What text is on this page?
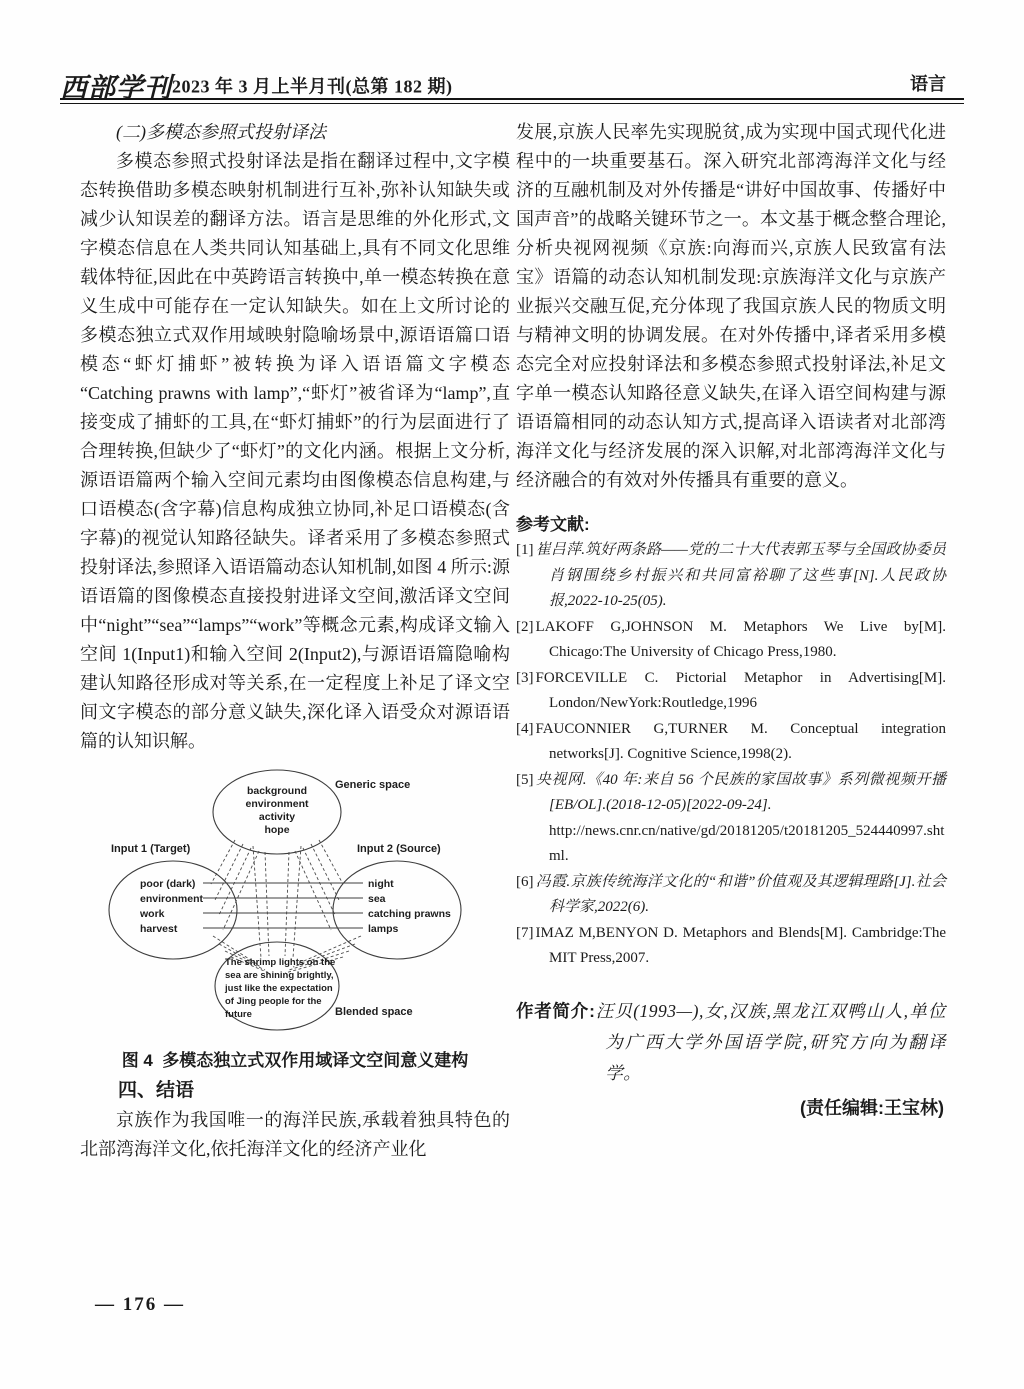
西部学刊2023 年 3 月上半月刊(总第 182 期)	语言

(二)多模态参照式投射译法

多模态参照式投射译法是指在翻译过程中,文字模态转换借助多模态映射机制进行互补,弥补认知缺失或减少认知误差的翻译方法。语言是思维的外化形式,文字模态信息在人类共同认知基础上,具有不同文化思维载体特征,因此在中英跨语言转换中,单一模态转换在意义生成中可能存在一定认知缺失。如在上文所讨论的多模态独立式双作用域映射隐喻场景中,源语语篇口语模态“虾灯捕虾”被转换为译入语语篇文字模态“Catching prawns with lamp”,“虾灯”被省译为“lamp”,直接变成了捕虾的工具,在“虾灯捕虾”的行为层面进行了合理转换,但缺少了“虾灯”的文化内涵。根据上文分析,源语语篇两个输入空间元素均由图像模态信息构建,与口语模态(含字幕)信息构成独立协同,补足口语模态(含字幕)的视觉认知路径缺失。译者采用了多模态参照式投射译法,参照译入语语篇动态认知机制,如图 4 所示:源语语篇的图像模态直接投射进译文空间,激活译文空间中“night”“sea”“lamps”“work”等概念元素,构成译文输入空间 1(Input1)和输入空间 2(Input2),与源语语篇隐喻构建认知路径形成对等关系,在一定程度上补足了译文空间文字模态的部分意义缺失,深化译入语受众对源语语篇的认知识解。

background
environment
activity
hope
Generic space
Input 1 (Target)
poor (dark)
environment
work
harvest
Input 2 (Source)
night
sea
catching prawns
lamps
The shrimp lights on the
sea are shining brightly,
just like the expectation
of Jing people for the
future	Blended space

图 4  多模态独立式双作用域译文空间意义建构

四、结语

京族作为我国唯一的海洋民族,承载着独具特色的北部湾海洋文化,依托海洋文化的经济产业化

发展,京族人民率先实现脱贫,成为实现中国式现代化进程中的一块重要基石。深入研究北部湾海洋文化与经济的互融机制及对外传播是“讲好中国故事、传播好中国声音”的战略关键环节之一。本文基于概念整合理论,分析央视网视频《京族:向海而兴,京族人民致富有法宝》语篇的动态认知机制发现:京族海洋文化与京族产业振兴交融互促,充分体现了我国京族人民的物质文明与精神文明的协调发展。在对外传播中,译者采用多模态完全对应投射译法和多模态参照式投射译法,补足文字单一模态认知路径意义缺失,在译入语空间构建与源语语篇相同的动态认知方式,提高译入语读者对北部湾海洋文化与经济发展的深入识解,对北部湾海洋文化与经济融合的有效对外传播具有重要的意义。

参考文献:

[1] 崔吕萍.筑好两条路——党的二十大代表郭玉琴与全国政协委员肖钢围绕乡村振兴和共同富裕聊了这些事[N].人民政协报,2022-10-25(05).
[2] LAKOFF G,JOHNSON M. Metaphors We Live by[M]. Chicago:The University of Chicago Press,1980.
[3] FORCEVILLE C. Pictorial Metaphor in Advertising[M]. London/NewYork:Routledge,1996
[4] FAUCONNIER G,TURNER M. Conceptual integration networks[J]. Cognitive Science,1998(2).
[5] 央视网.《40 年:来自 56 个民族的家国故事》系列微视频开播[EB/OL].(2018-12-05)[2022-09-24].
http://news.cnr.cn/native/gd/20181205/t20181205_524440997.shtml.
[6] 冯霞.京族传统海洋文化的“和谐”价值观及其逻辑理路[J].社会科学家,2022(6).
[7] IMAZ M,BENYON D. Metaphors and Blends[M]. Cambridge:The MIT Press,2007.
作者简介:汪贝(1993—),女,汉族,黑龙江双鸭山人,单位为广西大学外国语学院,研究方向为翻译学。
(责任编辑:王宝林)
— 176 —
